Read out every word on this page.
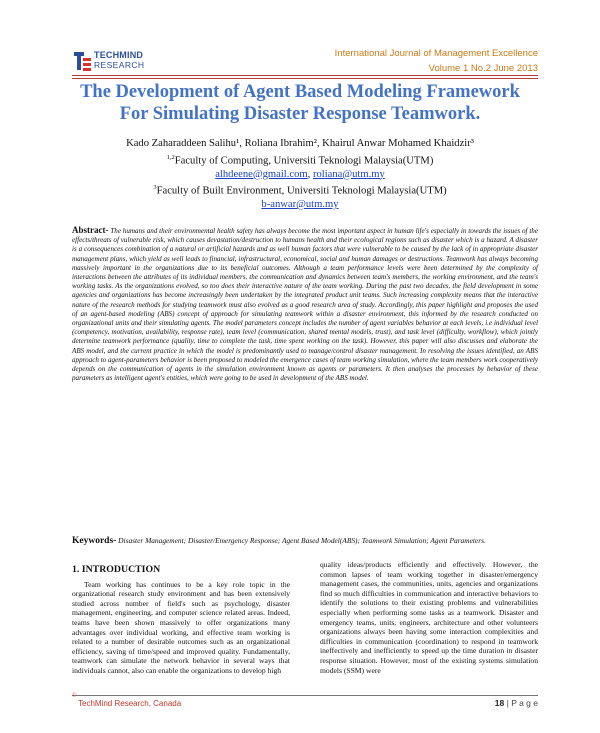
TECHMIND
RESEARCH
International Journal of Management Excellence
Volume 1 No.2 June 2013
The Development of Agent Based Modeling Framework
For Simulating Disaster Response Teamwork.
Kado Zaharaddeen Salihu¹, Roliana Ibrahim², Khairul Anwar Mohamed Khaidzir³
$^{1,2}$Faculty of Computing, Universiti Teknologi Malaysia(UTM)
alhdeene@gmail.com, roliana@utm.my
$^3$Faculty of Built Environment, Universiti Teknologi Malaysia(UTM)
b-anwar@utm.my
Abstract- The humans and their environmental health safety has always become the most important aspect in human life's especially in towards the issues of the effects/threats of vulnerable risk, which causes devastation/destruction to humans health and their ecological regions such as disaster which is a hazard. A disaster is a consequences combination of a natural or artificial hazards and as well human factors that were vulnerable to be caused by the lack of in appropriate disaster management plans, which yield as well leads to financial, infrastructural, economical, social and human damages or destructions. Teamwork has always becoming massively important in the organizations due to its beneficial outcomes. Although a team performance levels were been determined by the complexity of interactions between the attributes of its individual members, the communication and dynamics between team's members, the working environment, and the team's working tasks. As the organizations evolved, so too does their interactive nature of the team working. During the past two decades, the field development in some agencies and organizations has become increasingly been undertaken by the integrated product unit teams. Such increasing complexity means that the interactive nature of the research methods for studying teamwork must also evolved as a good research area of study. Accordingly, this paper highlight and proposes the used of an agent-based modeling (ABS) concept of approach for simulating teamwork within a disaster environment, this informed by the research conducted on organizational units and their simulating agents. The model parameters concept includes the number of agent variables behavior at each levels, i.e individual level (competency, motivation, availability, response rate), team level (communication, shared mental models, trust), and task level (difficulty, workflow), which jointly determine teamwork performance (quality, time to complete the task, time spent working on the task). However, this paper will also discusses and elaborate the ABS model, and the current practice in which the model is predominantly used to manage/control disaster management. In resolving the issues identified, an ABS approach to agent-parameters behavior is been proposed to modeled the emergence cases of team working simulation, where the team members work cooperatively depends on the communication of agents in the simulation environment known as agents or parameters. It then analyses the processes by behavior of these parameters as intelligent agent's entities, which were going to be used in development of the ABS model.
Keywords- Disaster Management; Disaster/Emergency Response; Agent Based Model(ABS); Teamwork Simulation; Agent Parameters.
1. INTRODUCTION
Team working has continues to be a key role topic in the organizational research study environment and has been extensively studied across number of field's such as psychology, disaster management, engineering, and computer science related areas. Indeed, teams have been shown massively to offer organizations many advantages over individual working, and effective team working is related to a number of desirable outcomes such as an organizational efficiency, saving of time/speed and improved quality. Fundamentally, teamwork can simulate the network behavior in several ways that individuals cannot, also can enable the organizations to develop high
quality ideas/products efficiently and effectively. However, the common lapses of team working together in disaster/emergency management cases, the communities, units, agencies and organizations find so much difficulties in communication and interactive behaviors to identify the solutions to their existing problems and vulnerabilities especially when performing some tasks as a teamwork. Disaster and emergency teams, units, engineers, architecture and other volunteers organizations always been having some interaction complexities and difficulties in communication (coordination) to respond in teamwork ineffectively and inefficiently to speed up the time duration in disaster response situation. However, most of the existing systems simulation models (SSM) were
©
TechMind Research, Canada	18 | P a g e
